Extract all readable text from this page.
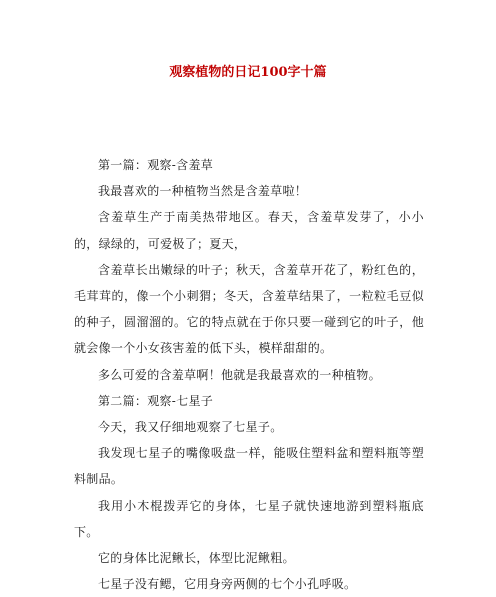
观察植物的日记100字十篇

第一篇：观察-含羞草

我最喜欢的一种植物当然是含羞草啦！

含羞草生产于南美热带地区。春天，含羞草发芽了，小小的，绿绿的，可爱极了；夏天，

含羞草长出嫩绿的叶子；秋天，含羞草开花了，粉红色的，毛茸茸的，像一个小刺猬；冬天，含羞草结果了，一粒粒毛豆似的种子，圆溜溜的。它的特点就在于你只要一碰到它的叶子，他就会像一个小女孩害羞的低下头，模样甜甜的。

多么可爱的含羞草啊！他就是我最喜欢的一种植物。

第二篇：观察-七星子

今天，我又仔细地观察了七星子。

我发现七星子的嘴像吸盘一样，能吸住塑料盆和塑料瓶等塑料制品。

我用小木棍拨弄它的身体，七星子就快速地游到塑料瓶底下。

它的身体比泥鳅长，体型比泥鳅粗。

七星子没有鳃，它用身旁两侧的七个小孔呼吸。
